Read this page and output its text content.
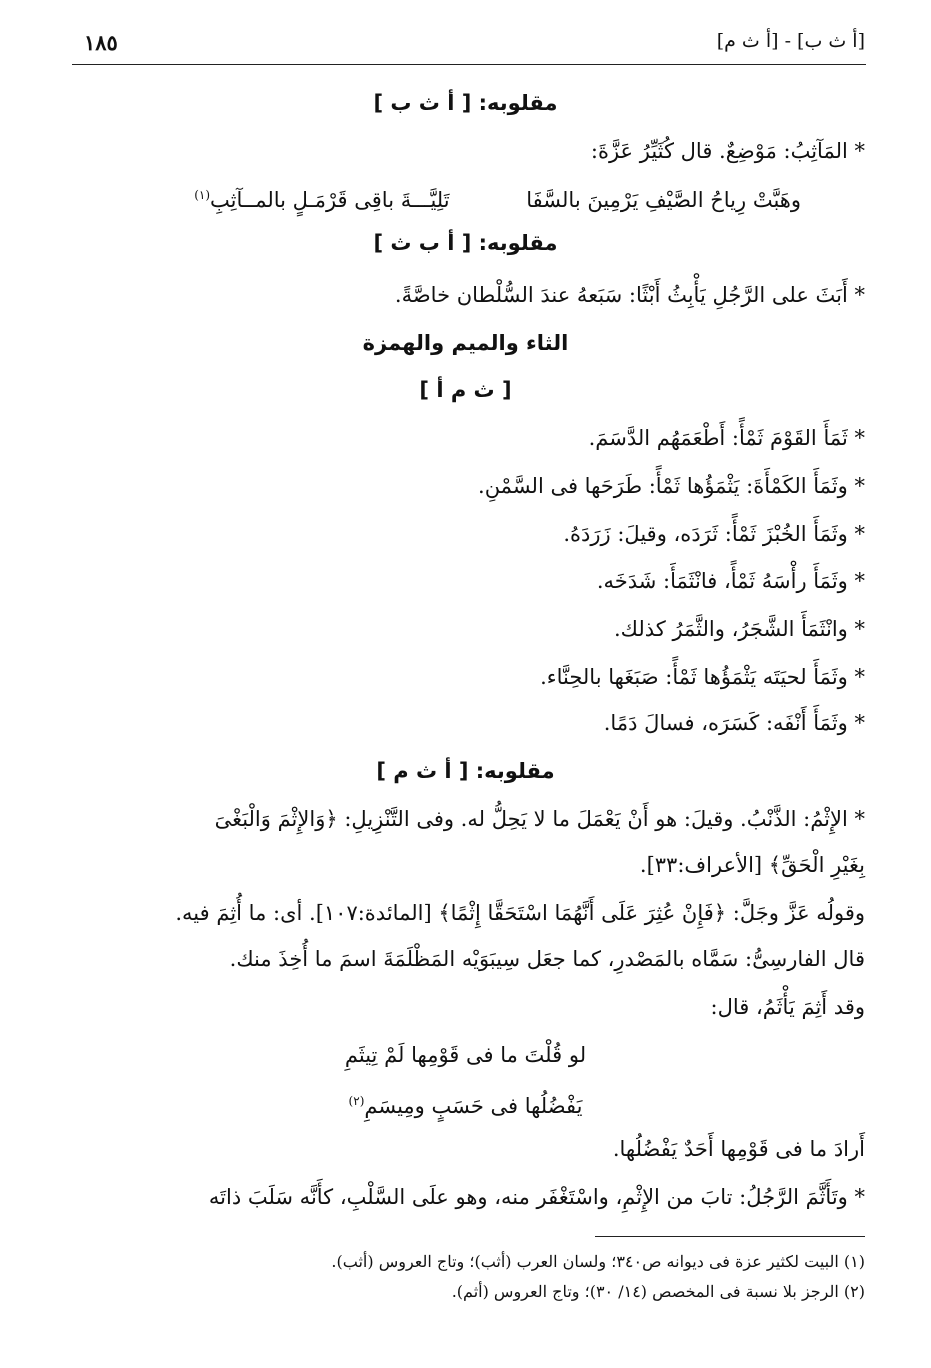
[أ ث ب] - [أ ث م]
١٨٥
مقلوبه: [ أ ث ب ]
* المَآثِبُ: مَوْضِعٌ. قال كُثَيِّرُ عَزَّةَ:
وهَبَّتْ رِياحُ الصَّيْفِ يَرْمِينَ بالسَّفَا تَلِيَّـــةَ باقِى قَرْمَـلٍ بالمــآثِبِ$^{(١)}$
مقلوبه: [ أ ب ث ]
* أَبَثَ على الرَّجُلِ يَأْبِثُ أَبْثًا: سَبَعهُ عندَ السُّلْطان خاصَّةً.
الثاء والميم والهمزة
[ ث م أ ]
* ثَمَأَ القَوْمَ ثَمْأً: أَطْعَمَهُم الدَّسَمَ.
* وثَمَأَ الكَمْأَةَ: يَثْمَؤُها ثَمْأً: طَرَحَها فى السَّمْنِ.
* وثَمَأَ الخُبْزَ ثَمْأً: ثَرَدَه، وقيلَ: زَرَدَهُ.
* وثَمَأَ رأْسَهُ ثَمْأً، فانْثَمَأَ: شَدَخَه.
* وانْثَمَأَ الشَّجَرُ، والثَّمَرُ كذلك.
* وثَمَأَ لحيَتَه يَثْمَؤُها ثَمْأً: صَبَغَها بالحِنَّاء.
* وثَمَأَ أَنْفَه: كَسَرَه، فسالَ دَمًا.
مقلوبه: [ أ ث م ]
* الإِثْمُ: الذَّنْبُ. وقيلَ: هو أَنْ يَعْمَلَ ما لا يَحِلُّ له. وفى التَّنْزِيلِ: ﴿وَالإِثْمَ وَالْبَغْىَ
بِغَيْرِ الْحَقِّ﴾ [الأعراف:٣٣].
وقولُه عَزَّ وجَلَّ: ﴿فَإِنْ عُثِرَ عَلَى أَنَّهُمَا اسْتَحَقَّا إِثْمًا﴾ [المائدة:١٠٧]. أى: ما أُثِمَ فيه.
قال الفارسِىُّ: سَمَّاه بالمَصْدرِ، كما جعَل سِيبَوَيْه المَظْلَمَةَ اسمَ ما أُخِذَ منك.
وقد أَثِمَ يَأْثَمُ، قال:
لو قُلْتَ ما فى قَوْمِها لَمْ تِيثَمِ
يَفْضُلُها فى حَسَبٍ ومِيسَمِ$^{(٢)}$
أَرادَ ما فى قَوْمِها أَحَدٌ يَفْضُلُها.
* وتَأَثَّمَ الرَّجُلُ: تابَ من الإِثْمِ، واسْتَغْفَر منه، وهو علَى السَّلْبِ، كأَنَّه سَلَبَ ذاتَه
(١) البيت لكثير عزة فى ديوانه ص٣٤٠؛ ولسان العرب (أثب)؛ وتاج العروس (أثب).
(٢) الرجز بلا نسبة فى المخصص (١٤/ ٣٠)؛ وتاج العروس (أثم).
